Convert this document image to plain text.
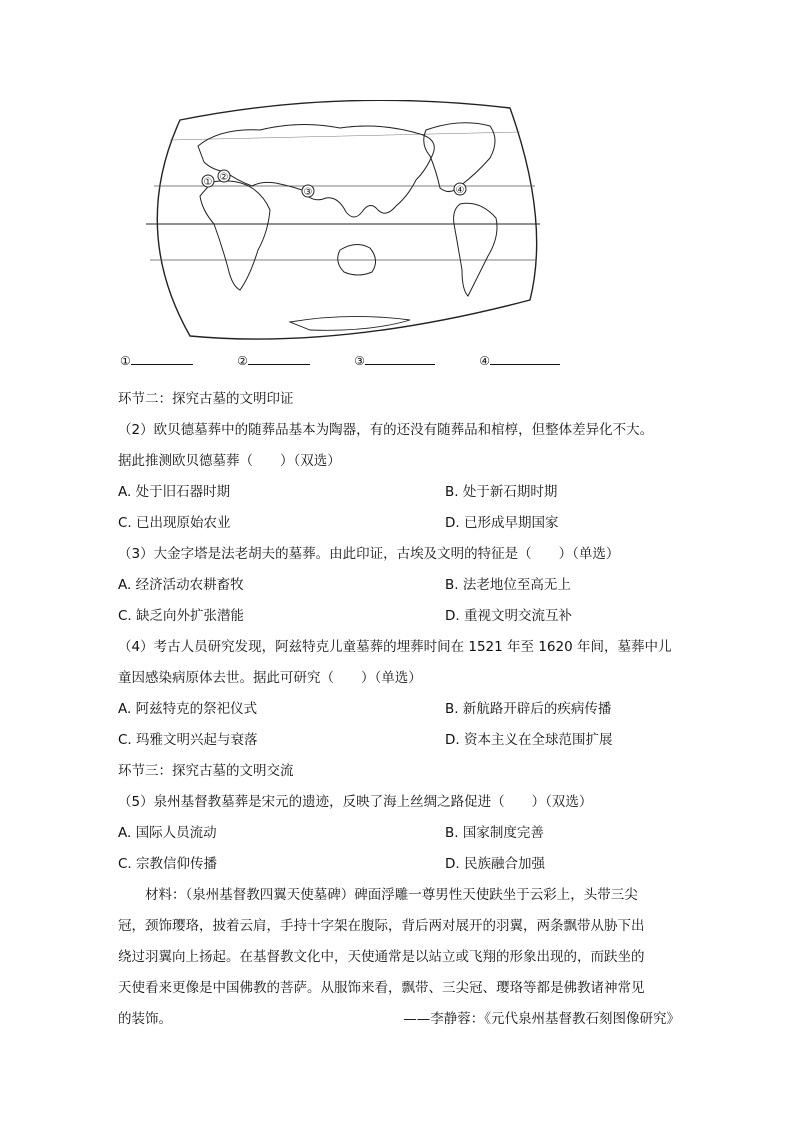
① ②
③	④
①	②	③	④
环节二：探究古墓的文明印证
（2）欧贝德墓葬中的随葬品基本为陶器，有的还没有随葬品和棺椁，但整体差异化不大。
据此推测欧贝德墓葬（　　）（双选）
A. 处于旧石器时期	B. 处于新石期时期
C. 已出现原始农业	D. 已形成早期国家
（3）大金字塔是法老胡夫的墓葬。由此印证，古埃及文明的特征是（　　）（单选）
A. 经济活动农耕畜牧	B. 法老地位至高无上
C. 缺乏向外扩张潜能	D. 重视文明交流互补
（4）考古人员研究发现，阿兹特克儿童墓葬的埋葬时间在 1521 年至 1620 年间，墓葬中儿
童因感染病原体去世。据此可研究（　　）（单选）
A. 阿兹特克的祭祀仪式	B. 新航路开辟后的疾病传播
C. 玛雅文明兴起与衰落	D. 资本主义在全球范围扩展
环节三：探究古墓的文明交流
（5）泉州基督教墓葬是宋元的遗迹，反映了海上丝绸之路促进（　　）（双选）
A. 国际人员流动	B. 国家制度完善
C. 宗教信仰传播	D. 民族融合加强
材料：（泉州基督教四翼天使墓碑）碑面浮雕一尊男性天使趺坐于云彩上，头带三尖
冠，颈饰璎珞，披着云肩，手持十字架在腹际，背后两对展开的羽翼，两条飘带从胁下出
绕过羽翼向上扬起。在基督教文化中，天使通常是以站立或飞翔的形象出现的，而趺坐的
天使看来更像是中国佛教的菩萨。从服饰来看，飘带、三尖冠、璎珞等都是佛教诸神常见
的装饰。	——李静蓉：《元代泉州基督教石刻图像研究》
